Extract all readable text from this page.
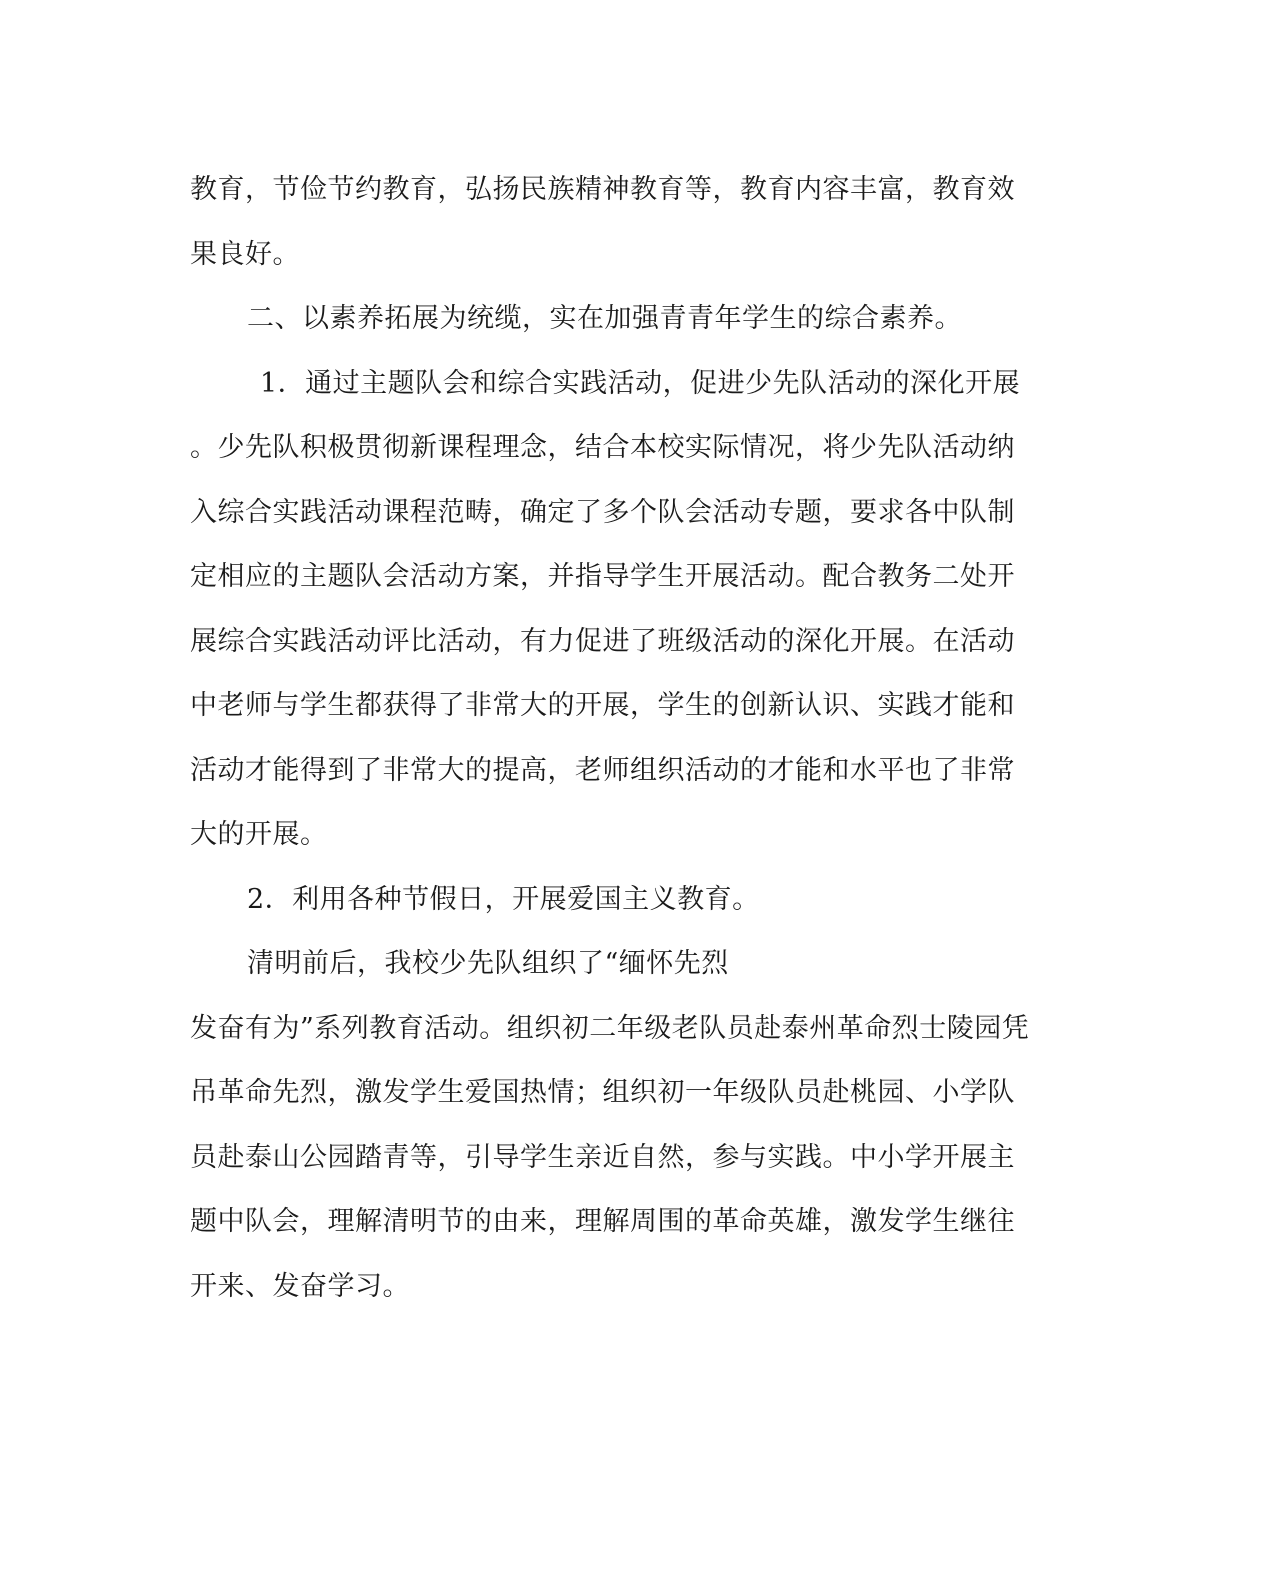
教育，节俭节约教育，弘扬民族精神教育等，教育内容丰富，教育效
果良好。
二、以素养拓展为统缆，实在加强青青年学生的综合素养。
1．通过主题队会和综合实践活动，促进少先队活动的深化开展
。少先队积极贯彻新课程理念，结合本校实际情况，将少先队活动纳
入综合实践活动课程范畴，确定了多个队会活动专题，要求各中队制
定相应的主题队会活动方案，并指导学生开展活动。配合教务二处开
展综合实践活动评比活动，有力促进了班级活动的深化开展。在活动
中老师与学生都获得了非常大的开展，学生的创新认识、实践才能和
活动才能得到了非常大的提高，老师组织活动的才能和水平也了非常
大的开展。
2．利用各种节假日，开展爱国主义教育。
清明前后，我校少先队组织了“缅怀先烈
发奋有为”系列教育活动。组织初二年级老队员赴泰州革命烈士陵园凭
吊革命先烈，激发学生爱国热情；组织初一年级队员赴桃园、小学队
员赴泰山公园踏青等，引导学生亲近自然，参与实践。中小学开展主
题中队会，理解清明节的由来，理解周围的革命英雄，激发学生继往
开来、发奋学习。
